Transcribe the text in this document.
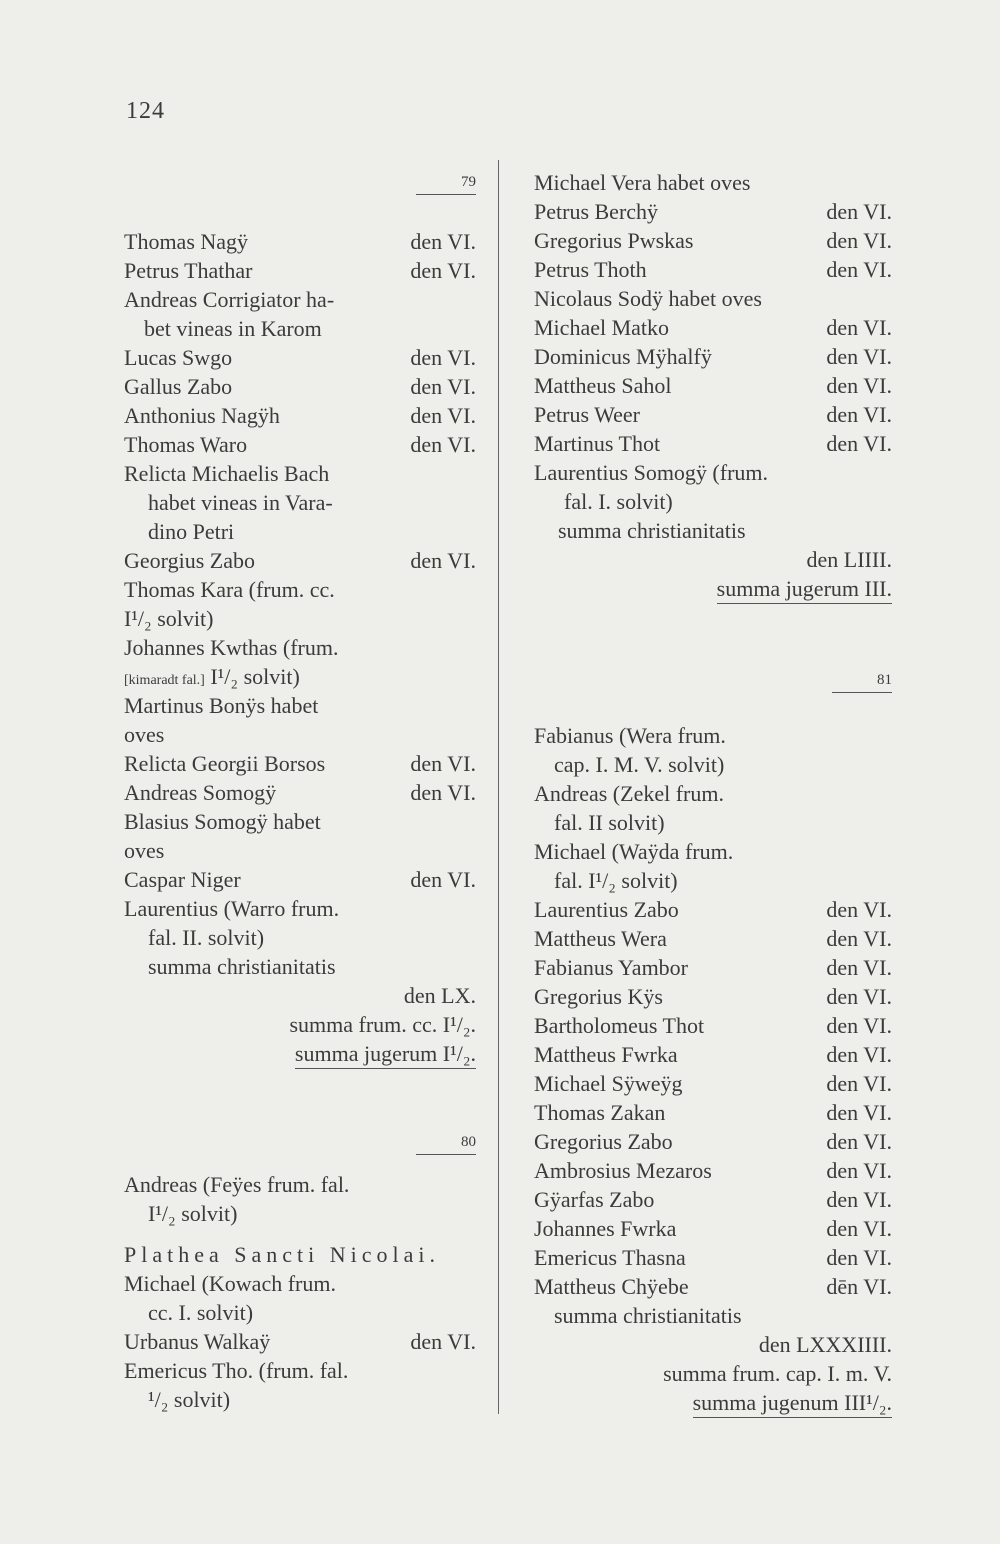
124
79
Thomas Nagÿ	den VI.
Petrus Thathar	den VI.
Andreas Corrigiator ha-
bet vineas in Karom
Lucas Swgo	den VI.
Gallus Zabo	den VI.
Anthonius Nagÿh	den VI.
Thomas Waro	den VI.
Relicta Michaelis Bach
habet vineas in Vara-
dino Petri
Georgius Zabo	den VI.
Thomas Kara (frum. cc.
I¹/₂ solvit)
Johannes Kwthas (frum.
[kimaradt fal.] I¹/₂ solvit)
Martinus Bonÿs habet
oves
Relicta Georgii Borsos	den VI.
Andreas Somogÿ	den VI.
Blasius Somogÿ habet
oves
Caspar Niger	den VI.
Laurentius (Warro frum.
fal. II. solvit)
summa christianitatis
den LX.
summa frum. cc. I¹/₂.
summa jugerum I¹/₂.
80
Andreas (Feÿes frum. fal.
I¹/₂ solvit)
Plathea Sancti Nicolai.
Michael (Kowach frum.
cc. I. solvit)
Urbanus Walkaÿ	den VI.
Emericus Tho. (frum. fal.
¹/₂ solvit)
Michael Vera habet oves
Petrus Berchÿ	den VI.
Gregorius Pwskas	den VI.
Petrus Thoth	den VI.
Nicolaus Sodÿ habet oves
Michael Matko	den VI.
Dominicus Mÿhalfÿ	den VI.
Mattheus Sahol	den VI.
Petrus Weer	den VI.
Martinus Thot	den VI.
Laurentius Somogÿ (frum.
fal. I. solvit)
summa christianitatis
den LIIII.
summa jugerum III.
81
Fabianus (Wera frum.
cap. I. M. V. solvit)
Andreas (Zekel frum.
fal. II solvit)
Michael (Waÿda frum.
fal. I¹/₂ solvit)
Laurentius Zabo	den VI.
Mattheus Wera	den VI.
Fabianus Yambor	den VI.
Gregorius Kÿs	den VI.
Bartholomeus Thot	den VI.
Mattheus Fwrka	den VI.
Michael Sÿweÿg	den VI.
Thomas Zakan	den VI.
Gregorius Zabo	den VI.
Ambrosius Mezaros	den VI.
Gÿarfas Zabo	den VI.
Johannes Fwrka	den VI.
Emericus Thasna	den VI.
Mattheus Chÿebe	dēn VI.
summa christianitatis
den LXXXIIII.
summa frum. cap. I. m. V.
summa jugenum III¹/₂.
